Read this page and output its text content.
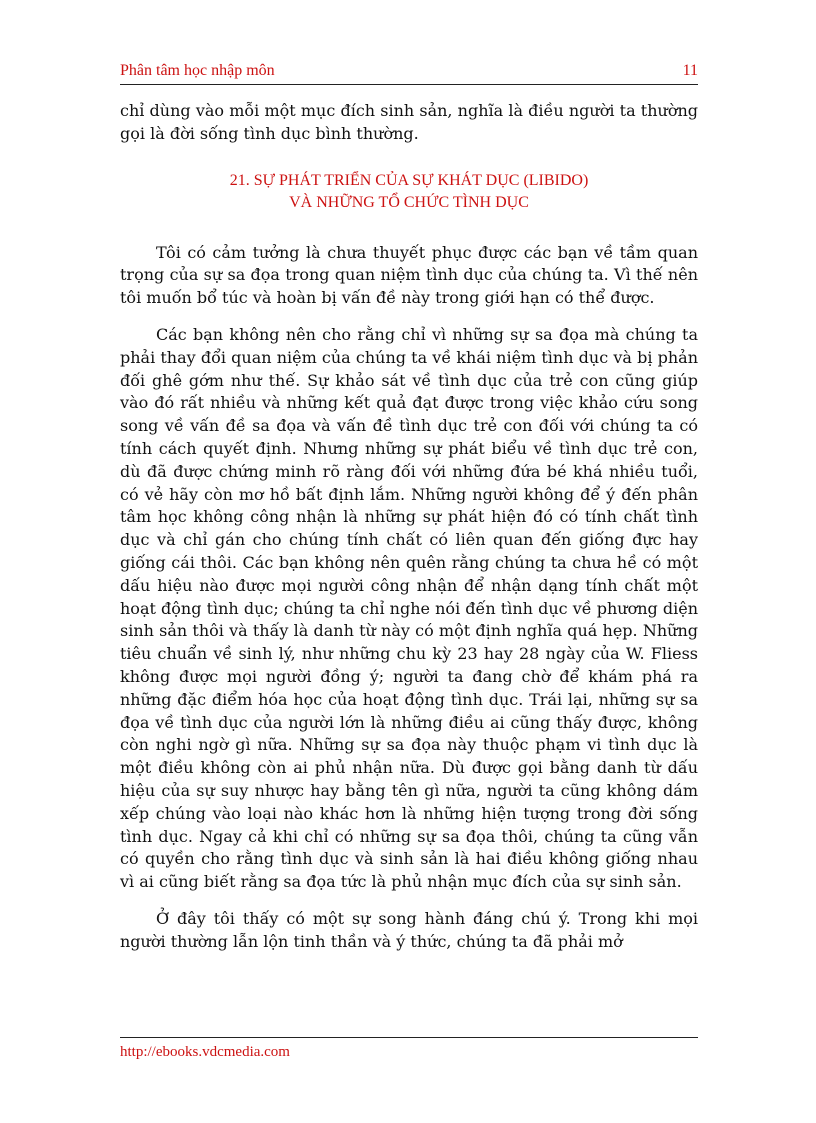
Phân tâm học nhập môn	11

chỉ dùng vào mỗi một mục đích sinh sản, nghĩa là điều người ta thường gọi là đời sống tình dục bình thường.

21. SỰ PHÁT TRIỂN CỦA SỰ KHÁT DỤC (LIBIDO)
VÀ NHỮNG TỔ CHỨC TÌNH DỤC

Tôi có cảm tưởng là chưa thuyết phục được các bạn về tầm quan trọng của sự sa đọa trong quan niệm tình dục của chúng ta. Vì thế nên tôi muốn bổ túc và hoàn bị vấn đề này trong giới hạn có thể được.

Các bạn không nên cho rằng chỉ vì những sự sa đọa mà chúng ta phải thay đổi quan niệm của chúng ta về khái niệm tình dục và bị phản đối ghê gớm như thế. Sự khảo sát về tình dục của trẻ con cũng giúp vào đó rất nhiều và những kết quả đạt được trong việc khảo cứu song song về vấn đề sa đọa và vấn đề tình dục trẻ con đối với chúng ta có tính cách quyết định. Nhưng những sự phát biểu về tình dục trẻ con, dù đã được chứng minh rõ ràng đối với những đứa bé khá nhiều tuổi, có vẻ hãy còn mơ hồ bất định lắm. Những người không để ý đến phân tâm học không công nhận là những sự phát hiện đó có tính chất tình dục và chỉ gán cho chúng tính chất có liên quan đến giống đực hay giống cái thôi. Các bạn không nên quên rằng chúng ta chưa hề có một dấu hiệu nào được mọi người công nhận để nhận dạng tính chất một hoạt động tình dục; chúng ta chỉ nghe nói đến tình dục về phương diện sinh sản thôi và thấy là danh từ này có một định nghĩa quá hẹp. Những tiêu chuẩn về sinh lý, như những chu kỳ 23 hay 28 ngày của W. Fliess không được mọi người đồng ý; người ta đang chờ để khám phá ra những đặc điểm hóa học của hoạt động tình dục. Trái lại, những sự sa đọa về tình dục của người lớn là những điều ai cũng thấy được, không còn nghi ngờ gì nữa. Những sự sa đọa này thuộc phạm vi tình dục là một điều không còn ai phủ nhận nữa. Dù được gọi bằng danh từ dấu hiệu của sự suy nhược hay bằng tên gì nữa, người ta cũng không dám xếp chúng vào loại nào khác hơn là những hiện tượng trong đời sống tình dục. Ngay cả khi chỉ có những sự sa đọa thôi, chúng ta cũng vẫn có quyền cho rằng tình dục và sinh sản là hai điều không giống nhau vì ai cũng biết rằng sa đọa tức là phủ nhận mục đích của sự sinh sản.

Ở đây tôi thấy có một sự song hành đáng chú ý. Trong khi mọi người thường lẫn lộn tinh thần và ý thức, chúng ta đã phải mở

http://ebooks.vdcmedia.com
